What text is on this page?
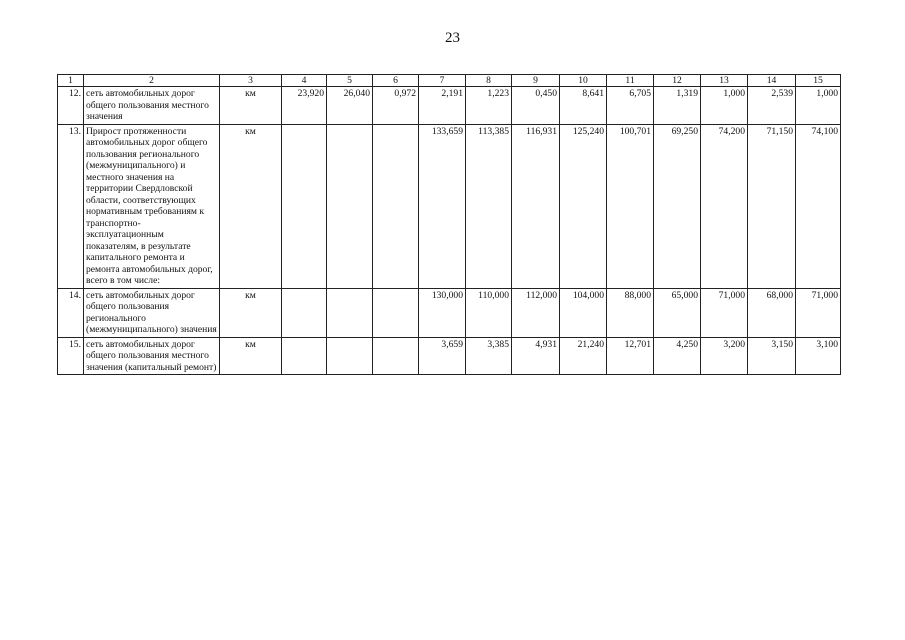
23
1	2	3	4	5	6	7	8	9	10	11	12	13	14	15
12.	сеть автомобильных дорог общего пользования местного значения	км	23,920	26,040	0,972	2,191	1,223	0,450	8,641	6,705	1,319	1,000	2,539	1,000
13.	Прирост протяженности автомобильных дорог общего пользования регионального (межмуниципального) и местного значения на территории Свердловской области, соответствующих нормативным требованиям к транспортно-эксплуатационным показателям, в результате капитального ремонта и ремонта автомобильных дорог, всего в том числе:	км				133,659	113,385	116,931	125,240	100,701	69,250	74,200	71,150	74,100
14.	сеть автомобильных дорог общего пользования регионального (межмуниципального) значения	км				130,000	110,000	112,000	104,000	88,000	65,000	71,000	68,000	71,000
15.	сеть автомобильных дорог общего пользования местного значения (капитальный ремонт)	км				3,659	3,385	4,931	21,240	12,701	4,250	3,200	3,150	3,100
